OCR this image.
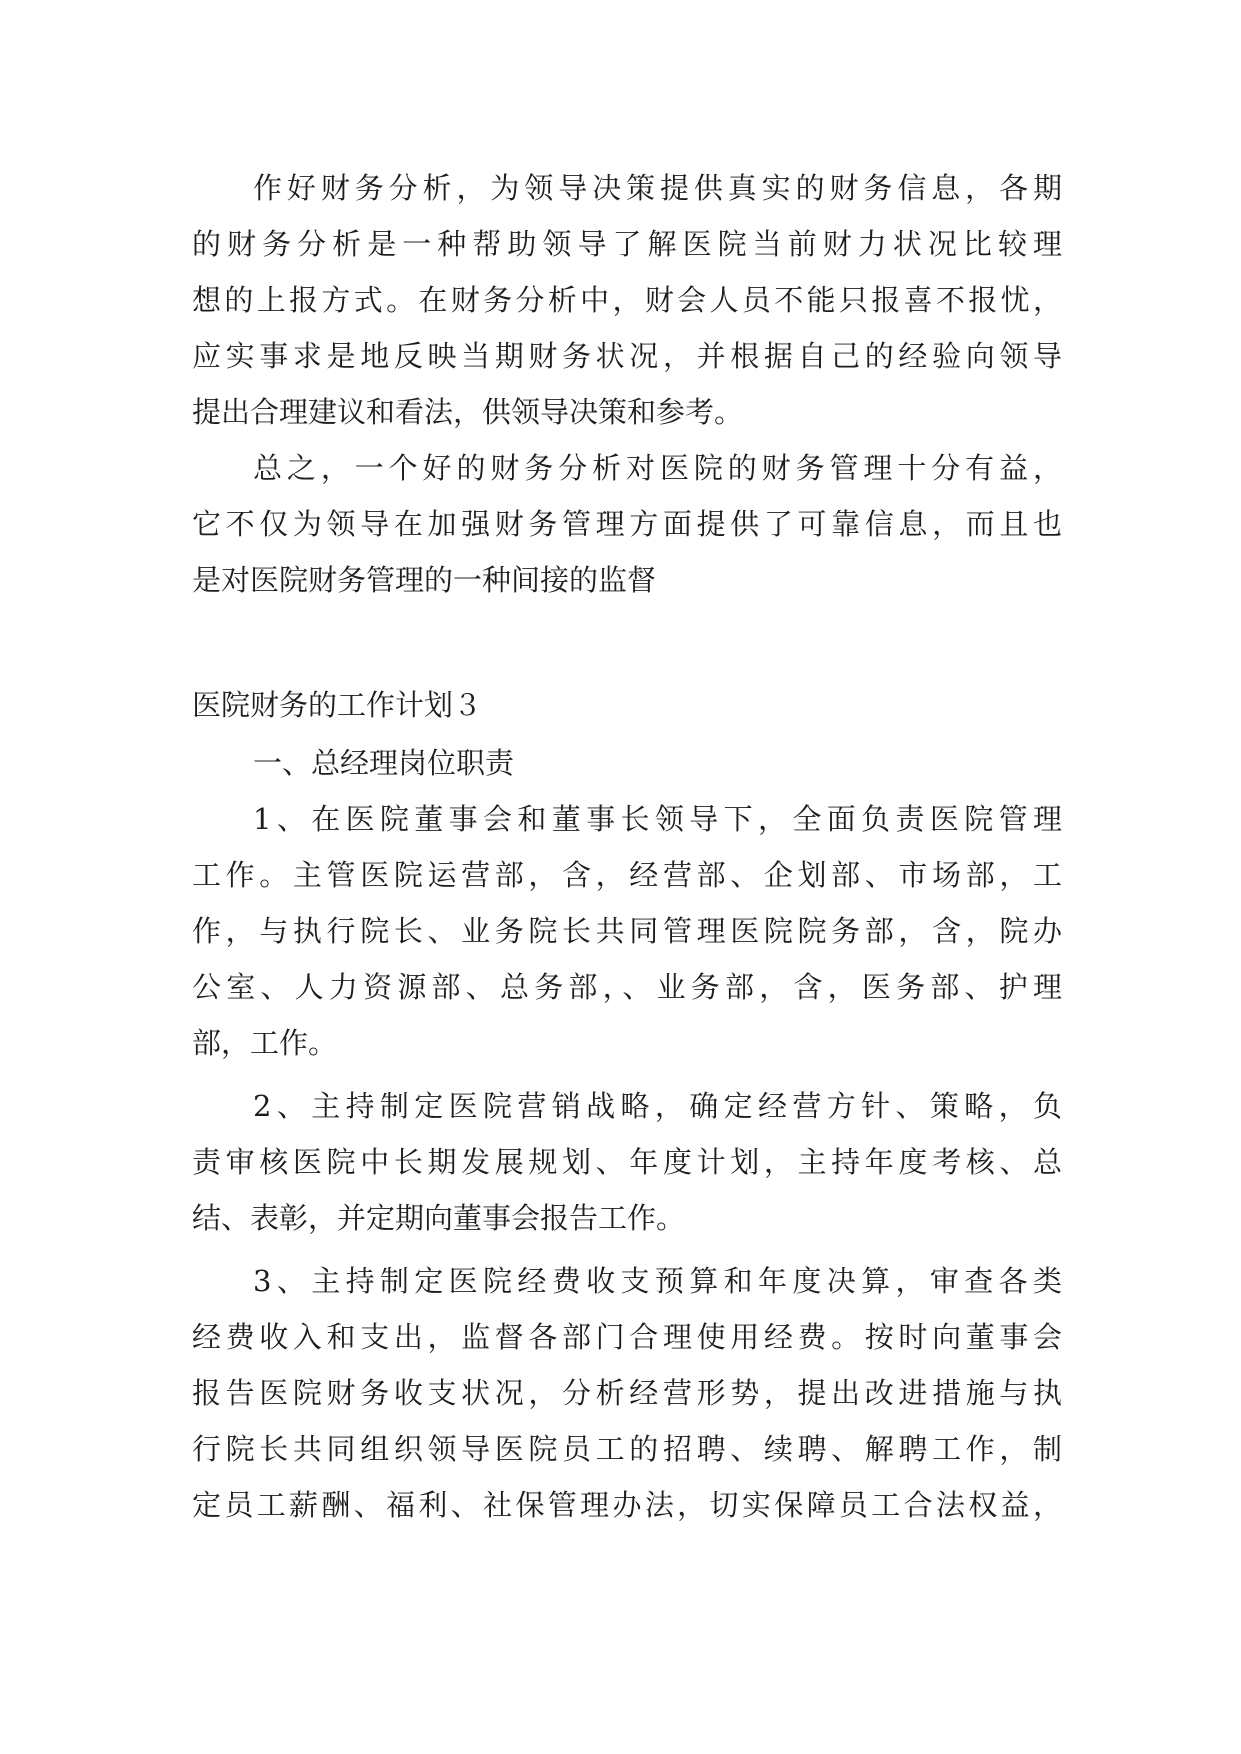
作好财务分析，为领导决策提供真实的财务信息，各期
的财务分析是一种帮助领导了解医院当前财力状况比较理
想的上报方式。在财务分析中，财会人员不能只报喜不报忧，
应实事求是地反映当期财务状况，并根据自己的经验向领导
提出合理建议和看法，供领导决策和参考。
总之，一个好的财务分析对医院的财务管理十分有益，
它不仅为领导在加强财务管理方面提供了可靠信息，而且也
是对医院财务管理的一种间接的监督
医院财务的工作计划３
一、总经理岗位职责
1、在医院董事会和董事长领导下，全面负责医院管理
工作。主管医院运营部，含，经营部、企划部、市场部，工
作，与执行院长、业务院长共同管理医院院务部，含，院办
公室、人力资源部、总务部，、业务部，含，医务部、护理
部，工作。
2、主持制定医院营销战略，确定经营方针、策略，负
责审核医院中长期发展规划、年度计划，主持年度考核、总
结、表彰，并定期向董事会报告工作。
3、主持制定医院经费收支预算和年度决算，审查各类
经费收入和支出，监督各部门合理使用经费。按时向董事会
报告医院财务收支状况，分析经营形势，提出改进措施与执
行院长共同组织领导医院员工的招聘、续聘、解聘工作，制
定员工薪酬、福利、社保管理办法，切实保障员工合法权益，
